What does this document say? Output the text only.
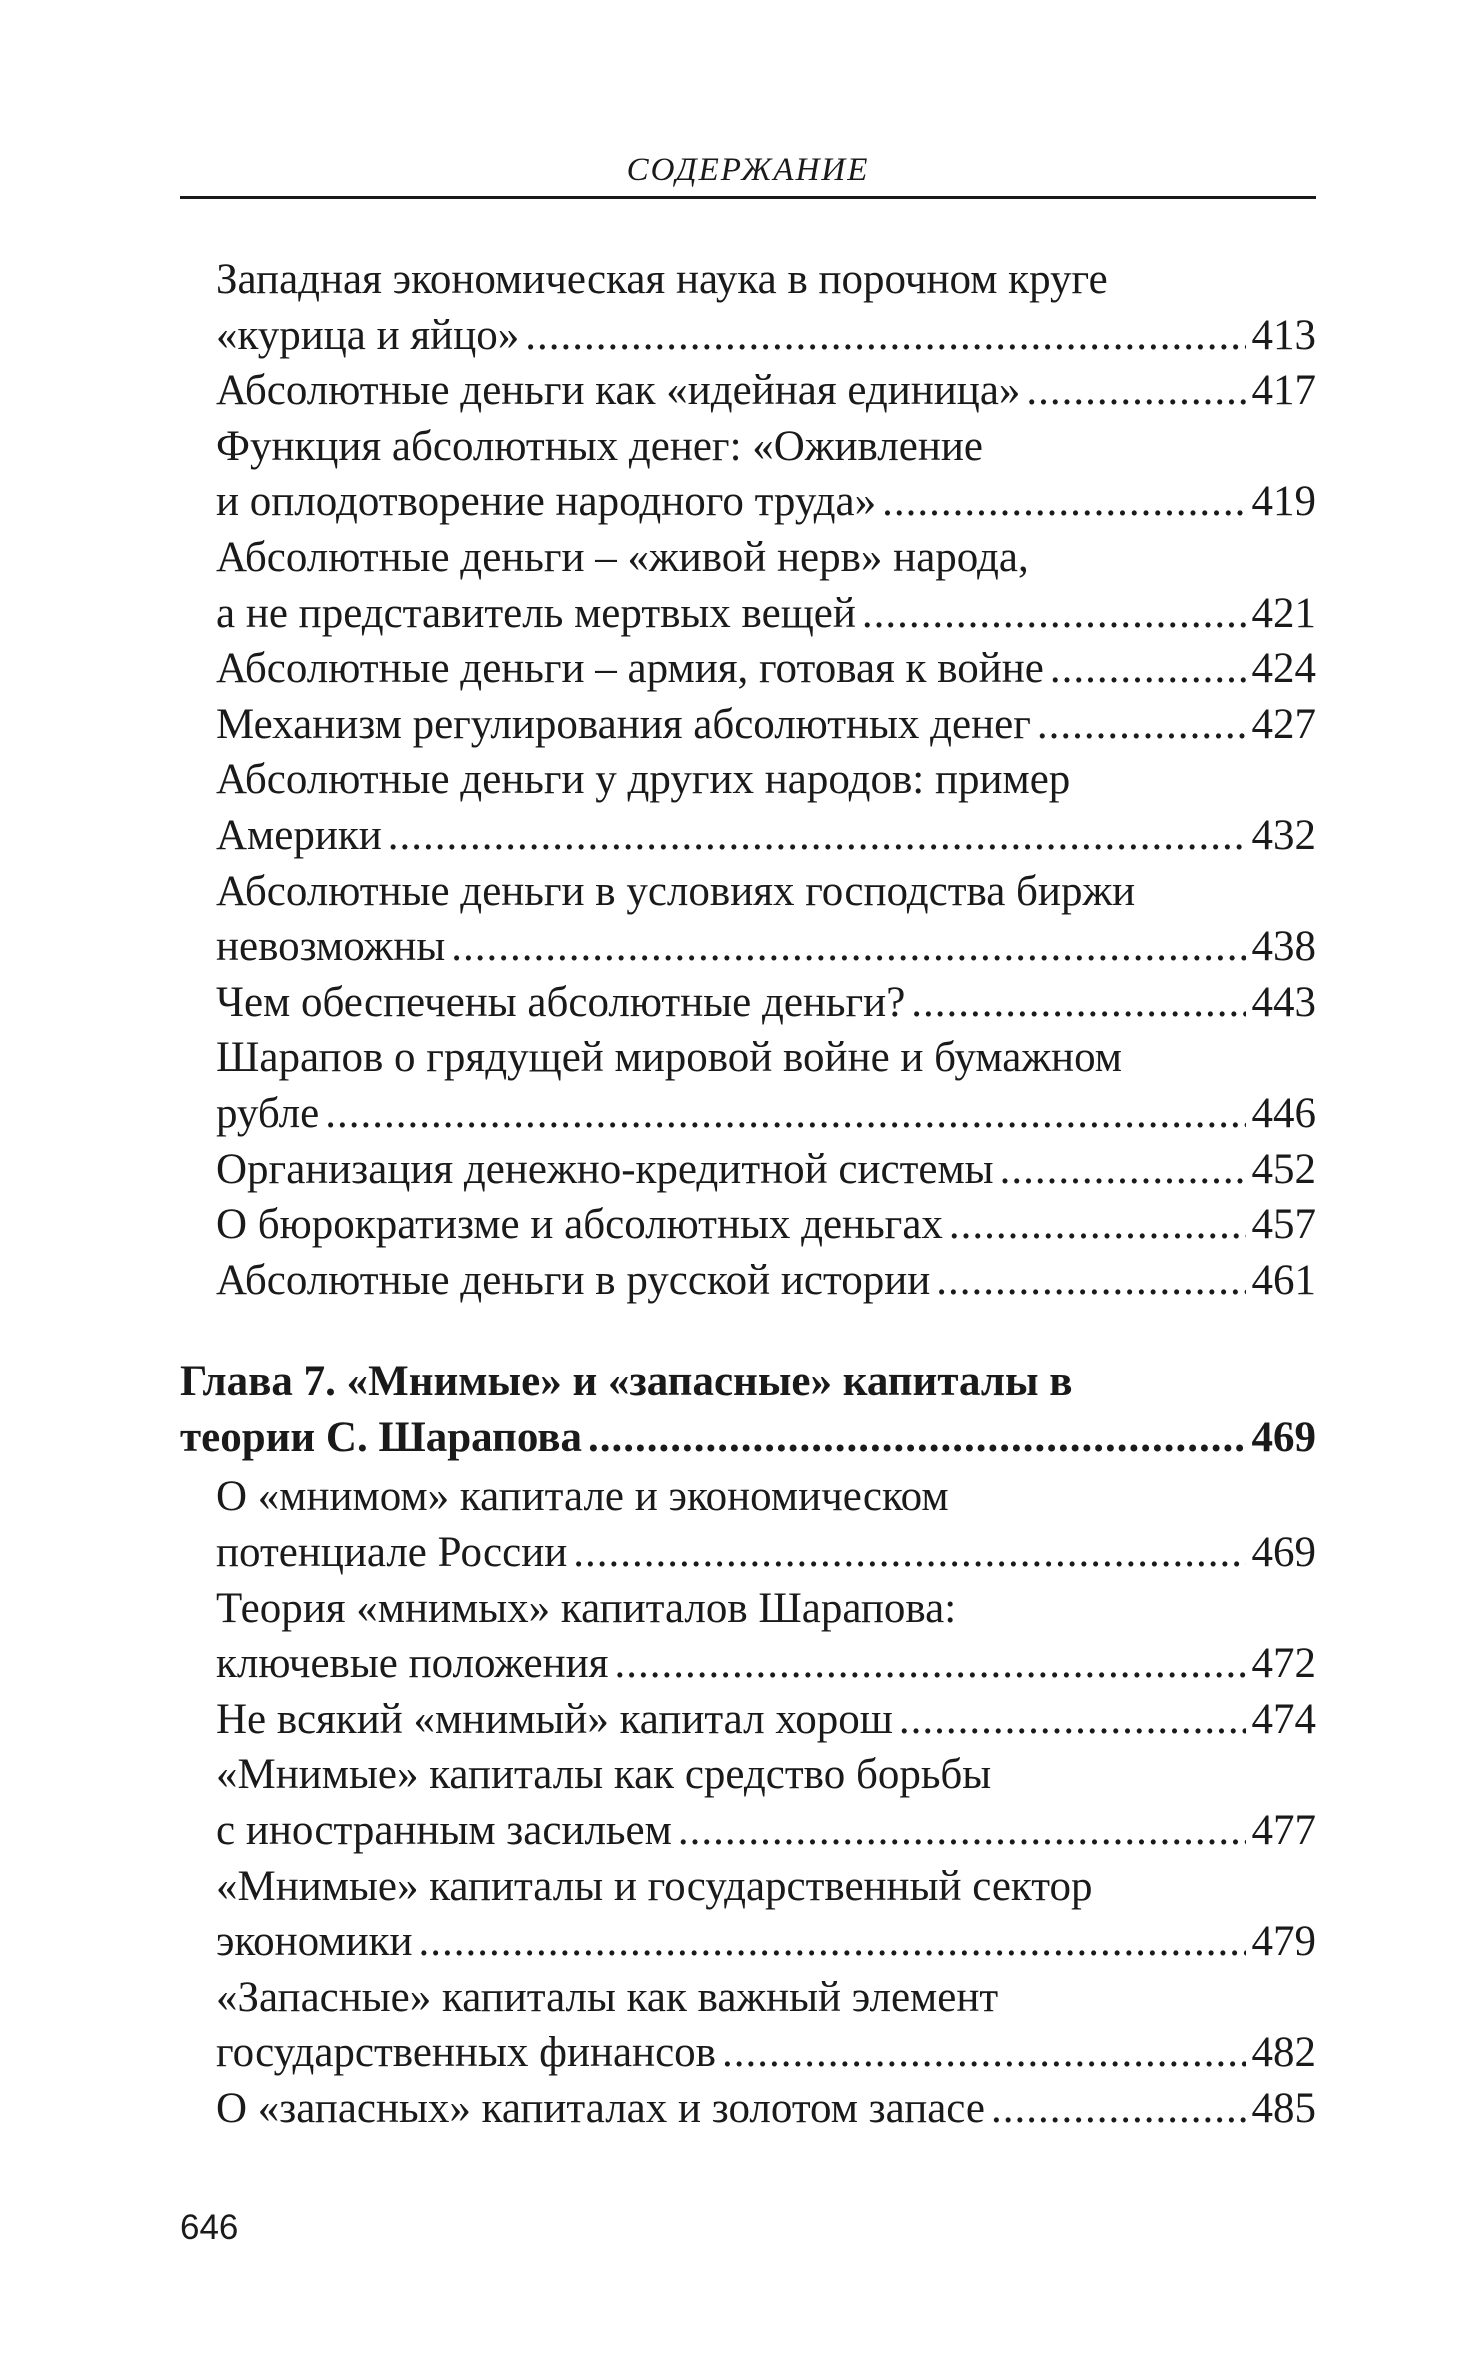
СОДЕРЖАНИЕ
Западная экономическая наука в порочном круге
«курица и яйцо» .....	413
Абсолютные деньги как «идейная единица» .....	417
Функция абсолютных денег: «Оживление
и оплодотворение народного труда» .....	419
Абсолютные деньги – «живой нерв» народа,
а не представитель мертвых вещей .....	421
Абсолютные деньги – армия, готовая к войне .....	424
Механизм регулирования абсолютных денег .....	427
Абсолютные деньги у других народов: пример
Америки .....	432
Абсолютные деньги в условиях господства биржи
невозможны .....	438
Чем обеспечены абсолютные деньги? .....	443
Шарапов о грядущей мировой войне и бумажном
рубле .....	446
Организация денежно-кредитной системы .....	452
О бюрократизме и абсолютных деньгах .....	457
Абсолютные деньги в русской истории .....	461
Глава 7. «Мнимые» и «запасные» капиталы в
теории С. Шарапова .....	469
О «мнимом» капитале и экономическом
потенциале России .....	469
Теория «мнимых» капиталов Шарапова:
ключевые положения .....	472
Не всякий «мнимый» капитал хорош .....	474
«Мнимые» капиталы как средство борьбы
с иностранным засильем .....	477
«Мнимые» капиталы и государственный сектор
экономики .....	479
«Запасные» капиталы как важный элемент
государственных финансов .....	482
О «запасных» капиталах и золотом запасе .....	485
646
